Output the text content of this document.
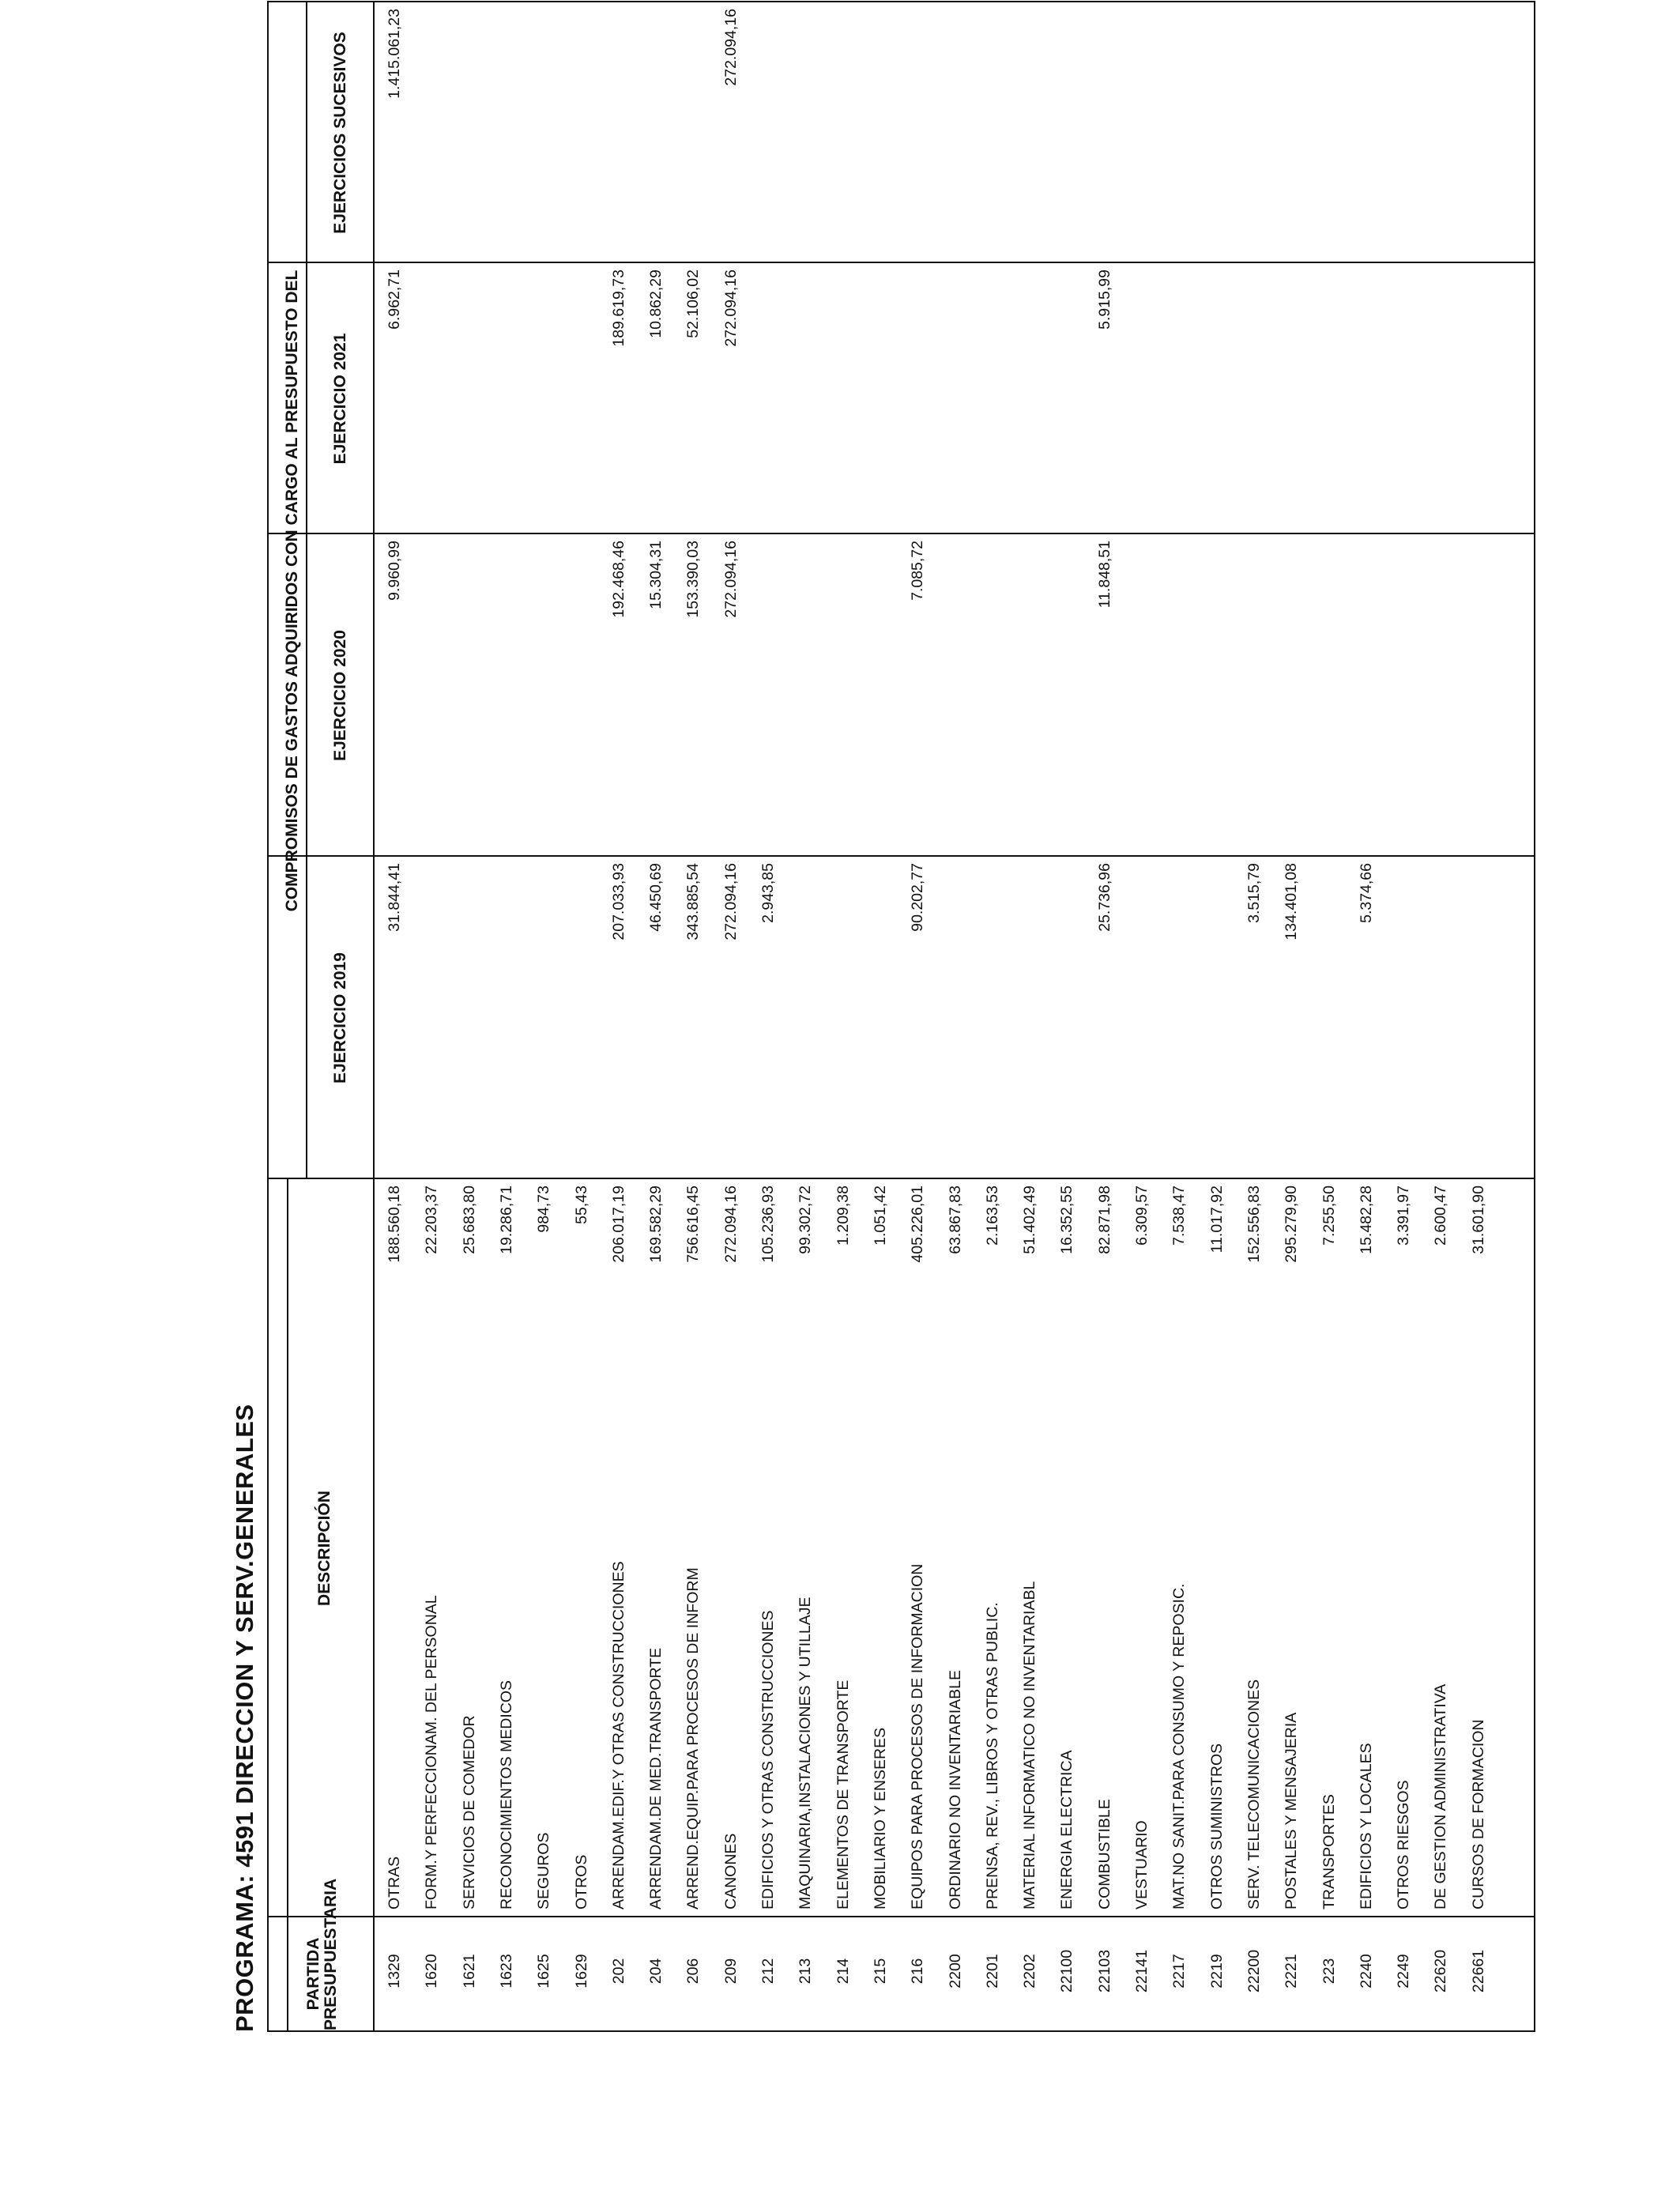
PROGRAMA: 4591 DIRECCION Y SERV.GENERALES	PARTIDA PRESUPUESTARIA
DESCRIPCIÓN
COMPROMISOS DE GASTOS ADQUIRIDOS CON CARGO AL PRESUPUESTO DEL
EJERCICIO 2019
EJERCICIO 2020
EJERCICIO 2021
EJERCICIOS SUCESIVOS
1329
OTRAS
188.560,18
31.844,41
9.960,99
6.962,71
1.415.061,23
1620
FORM.Y PERFECCIONAM. DEL PERSONAL
22.203,37
1621
SERVICIOS DE COMEDOR
25.683,80
1623
RECONOCIMIENTOS MEDICOS
19.286,71
1625
SEGUROS
984,73
1629
OTROS
55,43
202
ARRENDAM.EDIF.Y OTRAS CONSTRUCCIONES
206.017,19
207.033,93
192.468,46
189.619,73
204
ARRENDAM.DE MED.TRANSPORTE
169.582,29
46.450,69
15.304,31
10.862,29
206
ARREND.EQUIP.PARA PROCESOS DE INFORM
756.616,45
343.885,54
153.390,03
52.106,02
209
CANONES
272.094,16
272.094,16
272.094,16
272.094,16
272.094,16
212
EDIFICIOS Y OTRAS CONSTRUCCIONES
105.236,93
2.943,85
213
MAQUINARIA,INSTALACIONES Y UTILLAJE
99.302,72
214
ELEMENTOS DE TRANSPORTE
1.209,38
215
MOBILIARIO Y ENSERES
1.051,42
216
EQUIPOS PARA PROCESOS DE INFORMACION
405.226,01
90.202,77
7.085,72
2200
ORDINARIO NO INVENTARIABLE
63.867,83
2201
PRENSA, REV., LIBROS Y OTRAS PUBLIC.
2.163,53
2202
MATERIAL INFORMATICO NO INVENTARIABL
51.402,49
22100
ENERGIA ELECTRICA
16.352,55
22103
COMBUSTIBLE
82.871,98
25.736,96
11.848,51
5.915,99
22141
VESTUARIO
6.309,57
2217
MAT.NO SANIT.PARA CONSUMO Y REPOSIC.
7.538,47
2219
OTROS SUMINISTROS
11.017,92
22200
SERV. TELECOMUNICACIONES
152.556,83
3.515,79
2221
POSTALES Y MENSAJERIA
295.279,90
134.401,08
223
TRANSPORTES
7.255,50
2240
EDIFICIOS Y LOCALES
15.482,28
5.374,66
2249
OTROS RIESGOS
3.391,97
22620
DE GESTION ADMINISTRATIVA
2.600,47
22661
CURSOS DE FORMACION
31.601,90
